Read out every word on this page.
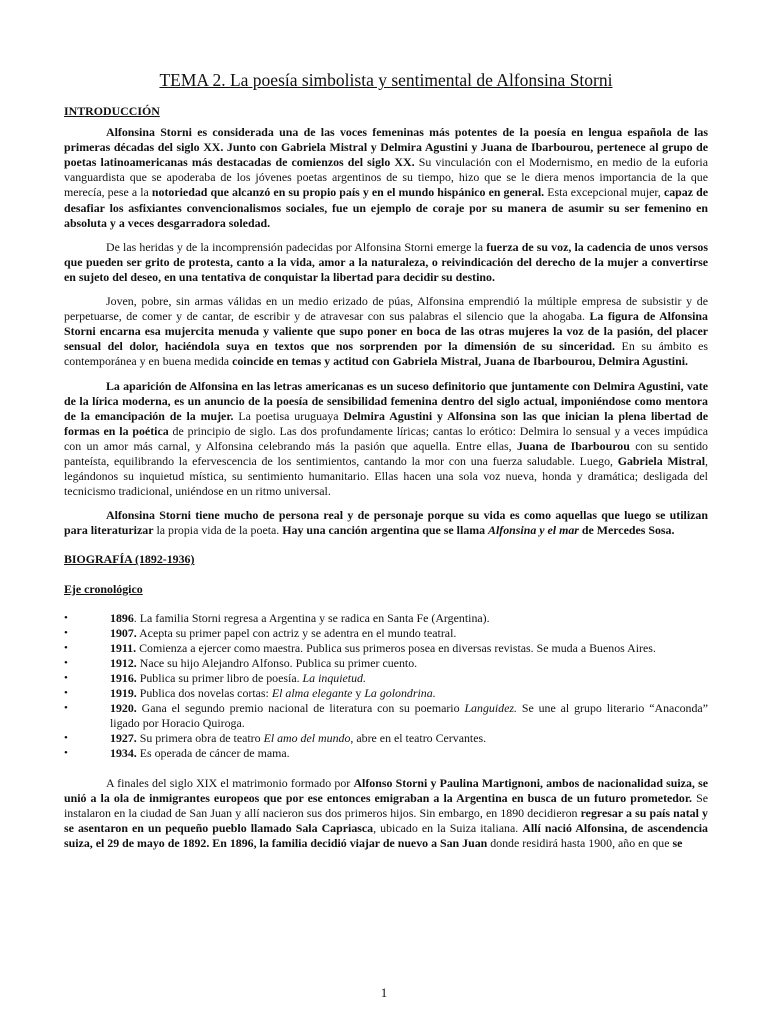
TEMA 2. La poesía simbolista y sentimental de Alfonsina Storni
INTRODUCCIÓN

Alfonsina Storni es considerada una de las voces femeninas más potentes de la poesía en lengua española de las primeras décadas del siglo XX. Junto con Gabriela Mistral y Delmira Agustini y Juana de Ibarbourou, pertenece al grupo de poetas latinoamericanas más destacadas de comienzos del siglo XX. Su vinculación con el Modernismo, en medio de la euforia vanguardista que se apoderaba de los jóvenes poetas argentinos de su tiempo, hizo que se le diera menos importancia de la que merecía, pese a la notoriedad que alcanzó en su propio país y en el mundo hispánico en general. Esta excepcional mujer, capaz de desafiar los asfixiantes convencionalismos sociales, fue un ejemplo de coraje por su manera de asumir su ser femenino en absoluta y a veces desgarradora soledad.

De las heridas y de la incomprensión padecidas por Alfonsina Storni emerge la fuerza de su voz, la cadencia de unos versos que pueden ser grito de protesta, canto a la vida, amor a la naturaleza, o reivindicación del derecho de la mujer a convertirse en sujeto del deseo, en una tentativa de conquistar la libertad para decidir su destino.

Joven, pobre, sin armas válidas en un medio erizado de púas, Alfonsina emprendió la múltiple empresa de subsistir y de perpetuarse, de comer y de cantar, de escribir y de atravesar con sus palabras el silencio que la ahogaba. La figura de Alfonsina Storni encarna esa mujercita menuda y valiente que supo poner en boca de las otras mujeres la voz de la pasión, del placer sensual del dolor, haciéndola suya en textos que nos sorprenden por la dimensión de su sinceridad. En su ámbito es contemporánea y en buena medida coincide en temas y actitud con Gabriela Mistral, Juana de Ibarbourou, Delmira Agustini.

La aparición de Alfonsina en las letras americanas es un suceso definitorio que juntamente con Delmira Agustini, vate de la lírica moderna, es un anuncio de la poesía de sensibilidad femenina dentro del siglo actual, imponiéndose como mentora de la emancipación de la mujer. La poetisa uruguaya Delmira Agustini y Alfonsina son las que inician la plena libertad de formas en la poética de principio de siglo. Las dos profundamente líricas; cantas lo erótico: Delmira lo sensual y a veces impúdica con un amor más carnal, y Alfonsina celebrando más la pasión que aquella. Entre ellas, Juana de Ibarbourou con su sentido panteísta, equilibrando la efervescencia de los sentimientos, cantando la mor con una fuerza saludable. Luego, Gabriela Mistral, legándonos su inquietud mística, su sentimiento humanitario. Ellas hacen una sola voz nueva, honda y dramática; desligada del tecnicismo tradicional, uniéndose en un ritmo universal.

Alfonsina Storni tiene mucho de persona real y de personaje porque su vida es como aquellas que luego se utilizan para literaturizar la propia vida de la poeta. Hay una canción argentina que se llama Alfonsina y el mar de Mercedes Sosa.

BIOGRAFÍA (1892-1936)
Eje cronológico
• 1896. La familia Storni regresa a Argentina y se radica en Santa Fe (Argentina).
• 1907. Acepta su primer papel con actriz y se adentra en el mundo teatral.
• 1911. Comienza a ejercer como maestra. Publica sus primeros posea en diversas revistas. Se muda a Buenos Aires.
• 1912. Nace su hijo Alejandro Alfonso. Publica su primer cuento.
• 1916. Publica su primer libro de poesía. La inquietud.
• 1919. Publica dos novelas cortas: El alma elegante y La golondrina.
• 1920. Gana el segundo premio nacional de literatura con su poemario Languidez. Se une al grupo literario “Anaconda” ligado por Horacio Quiroga.
• 1927. Su primera obra de teatro El amo del mundo, abre en el teatro Cervantes.
• 1934. Es operada de cáncer de mama.

A finales del siglo XIX el matrimonio formado por Alfonso Storni y Paulina Martignoni, ambos de nacionalidad suiza, se unió a la ola de inmigrantes europeos que por ese entonces emigraban a la Argentina en busca de un futuro prometedor. Se instalaron en la ciudad de San Juan y allí nacieron sus dos primeros hijos. Sin embargo, en 1890 decidieron regresar a su país natal y se asentaron en un pequeño pueblo llamado Sala Capriasca, ubicado en la Suiza italiana. Allí nació Alfonsina, de ascendencia suiza, el 29 de mayo de 1892. En 1896, la familia decidió viajar de nuevo a San Juan donde residirá hasta 1900, año en que se

1
